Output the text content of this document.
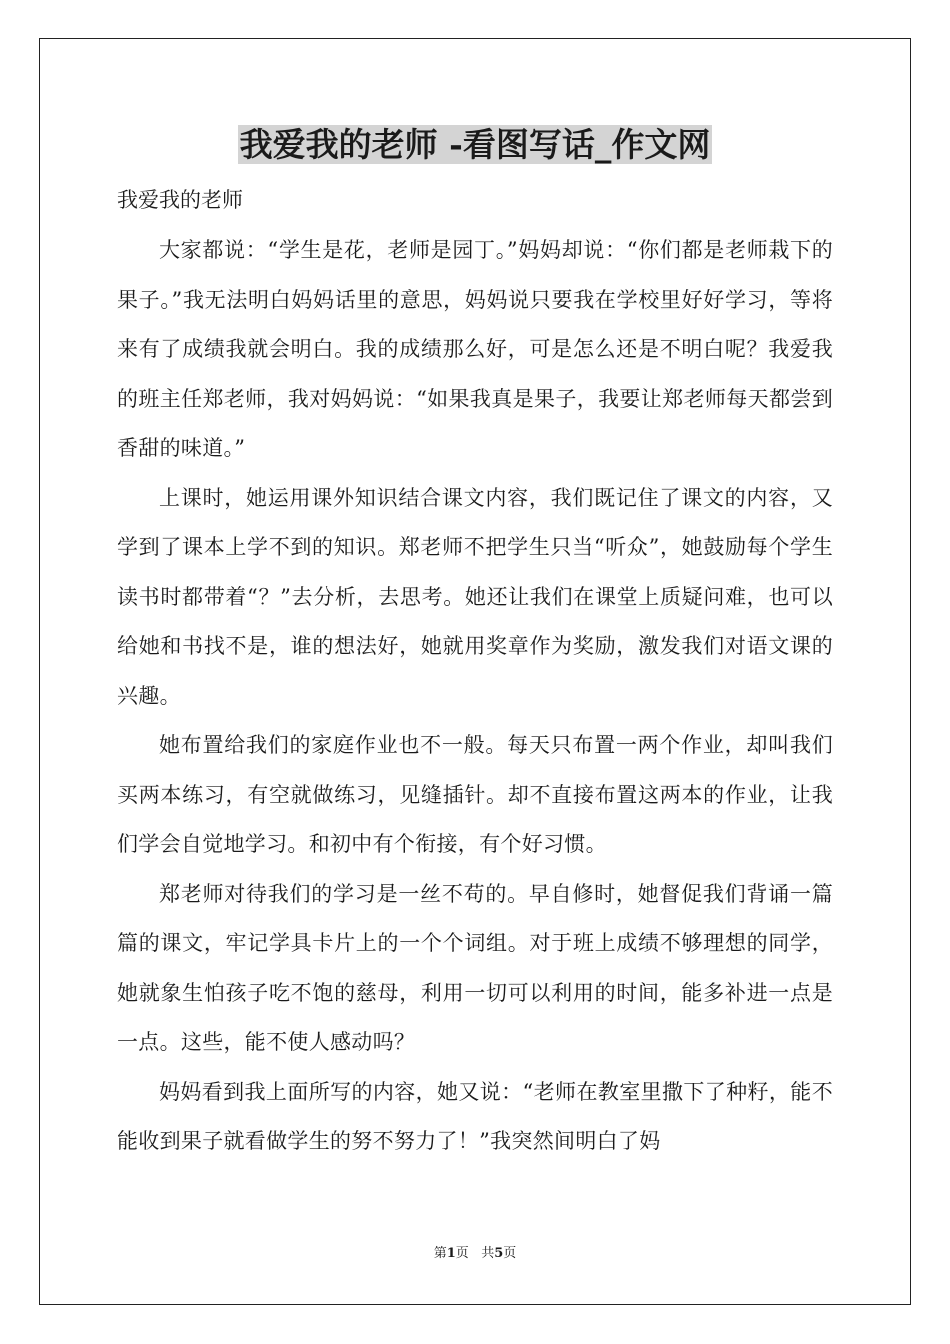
我爱我的老师 -看图写话_作文网

我爱我的老师

大家都说：“学生是花，老师是园丁。”妈妈却说：“你们都是老师栽下的果子。”我无法明白妈妈话里的意思，妈妈说只要我在学校里好好学习，等将来有了成绩我就会明白。我的成绩那么好，可是怎么还是不明白呢？我爱我的班主任郑老师，我对妈妈说：“如果我真是果子，我要让郑老师每天都尝到香甜的味道。”

上课时，她运用课外知识结合课文内容，我们既记住了课文的内容，又学到了课本上学不到的知识。郑老师不把学生只当“听众”，她鼓励每个学生读书时都带着“？”去分析，去思考。她还让我们在课堂上质疑问难，也可以给她和书找不是，谁的想法好，她就用奖章作为奖励，激发我们对语文课的兴趣。

她布置给我们的家庭作业也不一般。每天只布置一两个作业，却叫我们买两本练习，有空就做练习，见缝插针。却不直接布置这两本的作业，让我们学会自觉地学习。和初中有个衔接，有个好习惯。

郑老师对待我们的学习是一丝不苟的。早自修时，她督促我们背诵一篇篇的课文，牢记学具卡片上的一个个词组。对于班上成绩不够理想的同学，她就象生怕孩子吃不饱的慈母，利用一切可以利用的时间，能多补进一点是一点。这些，能不使人感动吗？

妈妈看到我上面所写的内容，她又说：“老师在教室里撒下了种籽，能不能收到果子就看做学生的努不努力了！”我突然间明白了妈

第1页 共5页
